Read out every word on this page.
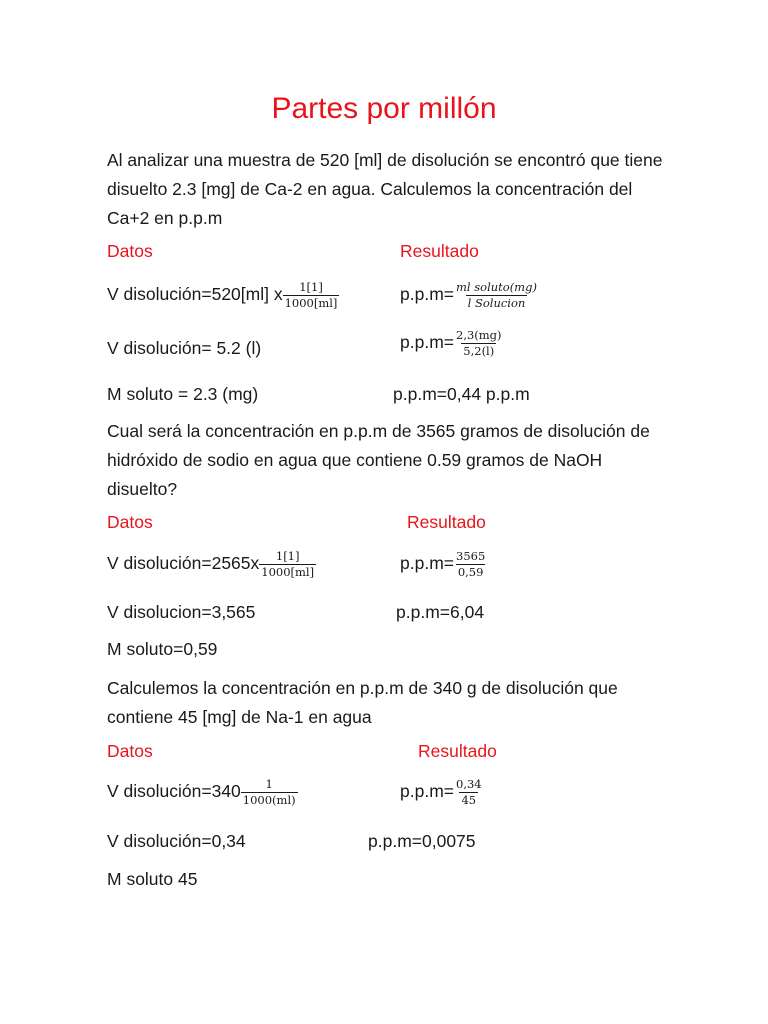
Partes por millón
Al analizar una muestra de 520 [ml] de disolución se encontró que tiene disuelto 2.3 [mg] de Ca-2 en agua. Calculemos la concentración del Ca+2 en p.p.m
Datos	Resultado
V disolución=520[ml] x $\frac{1[1]}{1000[ml]}$	$p.p.m= \frac{\text{ml soluto(mg)}}{\text{l Solucion}}$
V disolución= 5.2 (l)	$p.p.m= \frac{2,3(mg)}{5,2(l)}$
M soluto = 2.3 (mg)	p.p.m=0,44 p.p.m
Cual será la concentración en p.p.m de 3565 gramos de disolución de hidróxido de sodio en agua que contiene 0.59 gramos de NaOH disuelto?
Datos	Resultado
V disolución=2565x $\frac{1[1]}{1000[ml]}$	$p.p.m= \frac{3565}{0,59}$
V disolucion=3,565	p.p.m=6,04
M soluto=0,59
Calculemos la concentración en p.p.m de 340 g de disolución que contiene 45 [mg] de Na-1 en agua
Datos	Resultado
V disolución=340 $\frac{1}{1000(ml)}$	$p.p.m= \frac{0,34}{45}$
V disolución=0,34	p.p.m=0,0075
M soluto 45
